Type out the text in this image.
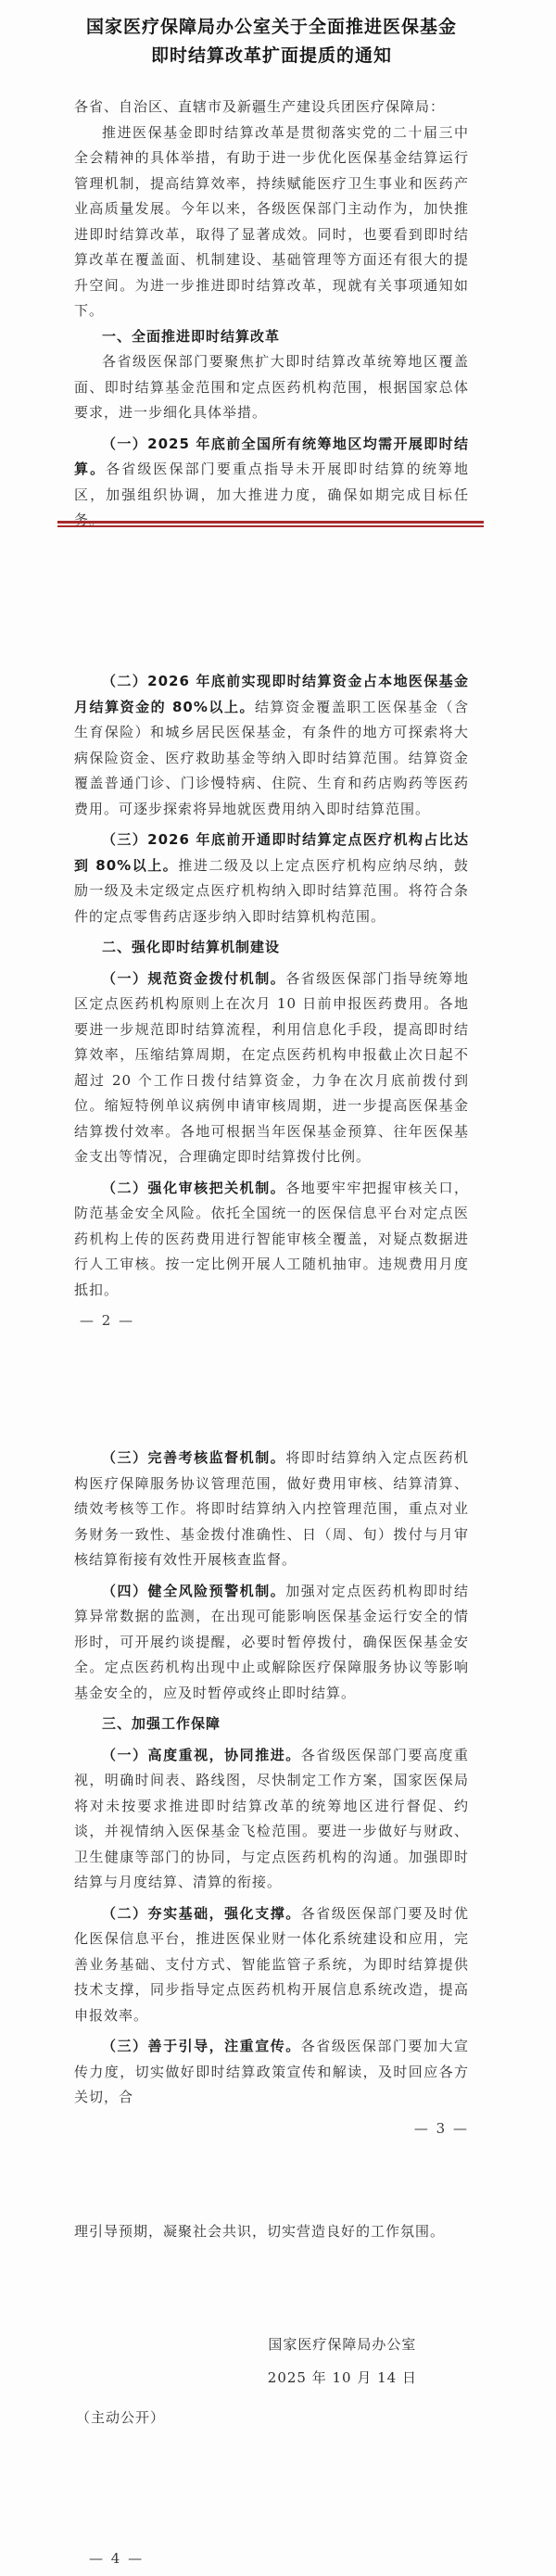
国家医疗保障局办公室关于全面推进医保基金
即时结算改革扩面提质的通知

各省、自治区、直辖市及新疆生产建设兵团医疗保障局：

推进医保基金即时结算改革是贯彻落实党的二十届三中全会精神的具体举措，有助于进一步优化医保基金结算运行管理机制，提高结算效率，持续赋能医疗卫生事业和医药产业高质量发展。今年以来，各级医保部门主动作为，加快推进即时结算改革，取得了显著成效。同时，也要看到即时结算改革在覆盖面、机制建设、基础管理等方面还有很大的提升空间。为进一步推进即时结算改革，现就有关事项通知如下。

一、全面推进即时结算改革

各省级医保部门要聚焦扩大即时结算改革统筹地区覆盖面、即时结算基金范围和定点医药机构范围，根据国家总体要求，进一步细化具体举措。

（一）2025 年底前全国所有统筹地区均需开展即时结算。各省级医保部门要重点指导未开展即时结算的统筹地区，加强组织协调，加大推进力度，确保如期完成目标任务。

（二）2026 年底前实现即时结算资金占本地医保基金月结算资金的 80%以上。结算资金覆盖职工医保基金（含生育保险）和城乡居民医保基金，有条件的地方可探索将大病保险资金、医疗救助基金等纳入即时结算范围。结算资金覆盖普通门诊、门诊慢特病、住院、生育和药店购药等医药费用。可逐步探索将异地就医费用纳入即时结算范围。

（三）2026 年底前开通即时结算定点医疗机构占比达到 80%以上。推进二级及以上定点医疗机构应纳尽纳，鼓励一级及未定级定点医疗机构纳入即时结算范围。将符合条件的定点零售药店逐步纳入即时结算机构范围。

二、强化即时结算机制建设

（一）规范资金拨付机制。各省级医保部门指导统筹地区定点医药机构原则上在次月 10 日前申报医药费用。各地要进一步规范即时结算流程，利用信息化手段，提高即时结算效率，压缩结算周期，在定点医药机构申报截止次日起不超过 20 个工作日拨付结算资金，力争在次月底前拨付到位。缩短特例单议病例申请审核周期，进一步提高医保基金结算拨付效率。各地可根据当年医保基金预算、往年医保基金支出等情况，合理确定即时结算拨付比例。

（二）强化审核把关机制。各地要牢牢把握审核关口，防范基金安全风险。依托全国统一的医保信息平台对定点医药机构上传的医药费用进行智能审核全覆盖，对疑点数据进行人工审核。按一定比例开展人工随机抽审。违规费用月度抵扣。

— 2 —

（三）完善考核监督机制。将即时结算纳入定点医药机构医疗保障服务协议管理范围，做好费用审核、结算清算、绩效考核等工作。将即时结算纳入内控管理范围，重点对业务财务一致性、基金拨付准确性、日（周、旬）拨付与月审核结算衔接有效性开展核查监督。

（四）健全风险预警机制。加强对定点医药机构即时结算异常数据的监测，在出现可能影响医保基金运行安全的情形时，可开展约谈提醒，必要时暂停拨付，确保医保基金安全。定点医药机构出现中止或解除医疗保障服务协议等影响基金安全的，应及时暂停或终止即时结算。

三、加强工作保障

（一）高度重视，协同推进。各省级医保部门要高度重视，明确时间表、路线图，尽快制定工作方案，国家医保局将对未按要求推进即时结算改革的统筹地区进行督促、约谈，并视情纳入医保基金飞检范围。要进一步做好与财政、卫生健康等部门的协同，与定点医药机构的沟通。加强即时结算与月度结算、清算的衔接。

（二）夯实基础，强化支撑。各省级医保部门要及时优化医保信息平台，推进医保业财一体化系统建设和应用，完善业务基础、支付方式、智能监管子系统，为即时结算提供技术支撑，同步指导定点医药机构开展信息系统改造，提高申报效率。

（三）善于引导，注重宣传。各省级医保部门要加大宣传力度，切实做好即时结算政策宣传和解读，及时回应各方关切，合

— 3 —

理引导预期，凝聚社会共识，切实营造良好的工作氛围。

国家医疗保障局办公室

2025 年 10 月 14 日

（主动公开）

— 4 —
